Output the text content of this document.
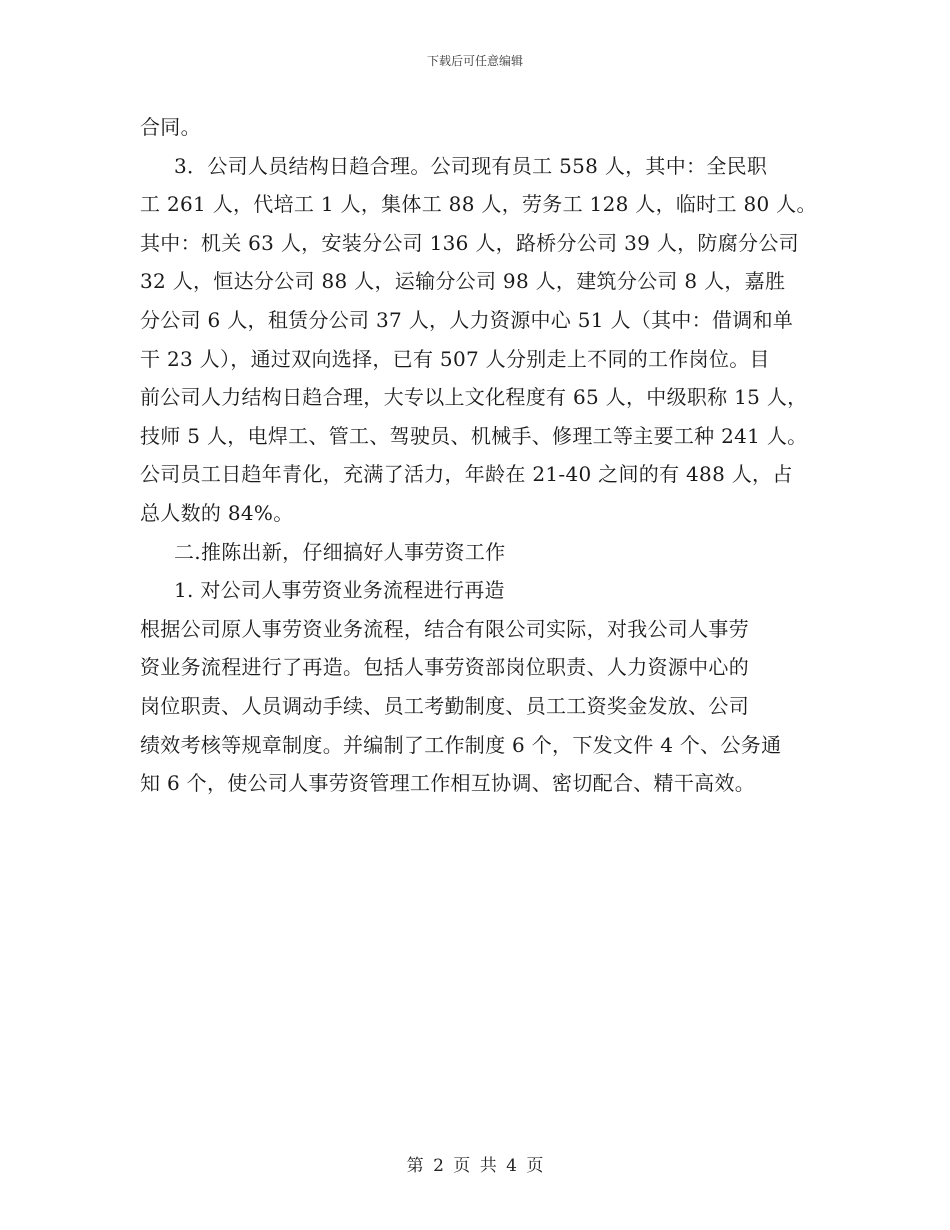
下载后可任意编辑
合同。
3．公司人员结构日趋合理。公司现有员工 558 人，其中：全民职
工 261 人，代培工 1 人，集体工 88 人，劳务工 128 人，临时工 80 人。
其中：机关 63 人，安装分公司 136 人，路桥分公司 39 人，防腐分公司
32 人，恒达分公司 88 人，运输分公司 98 人，建筑分公司 8 人，嘉胜
分公司 6 人，租赁分公司 37 人，人力资源中心 51 人（其中：借调和单
干 23 人），通过双向选择，已有 507 人分别走上不同的工作岗位。目
前公司人力结构日趋合理，大专以上文化程度有 65 人，中级职称 15 人，
技师 5 人，电焊工、管工、驾驶员、机械手、修理工等主要工种 241 人。
公司员工日趋年青化，充满了活力，年龄在 21-40 之间的有 488 人，占
总人数的 84%。
二.推陈出新，仔细搞好人事劳资工作
1. 对公司人事劳资业务流程进行再造
根据公司原人事劳资业务流程，结合有限公司实际，对我公司人事劳
资业务流程进行了再造。包括人事劳资部岗位职责、人力资源中心的
岗位职责、人员调动手续、员工考勤制度、员工工资奖金发放、公司
绩效考核等规章制度。并编制了工作制度 6 个，下发文件 4 个、公务通
知 6 个，使公司人事劳资管理工作相互协调、密切配合、精干高效。
第 2 页 共 4 页
